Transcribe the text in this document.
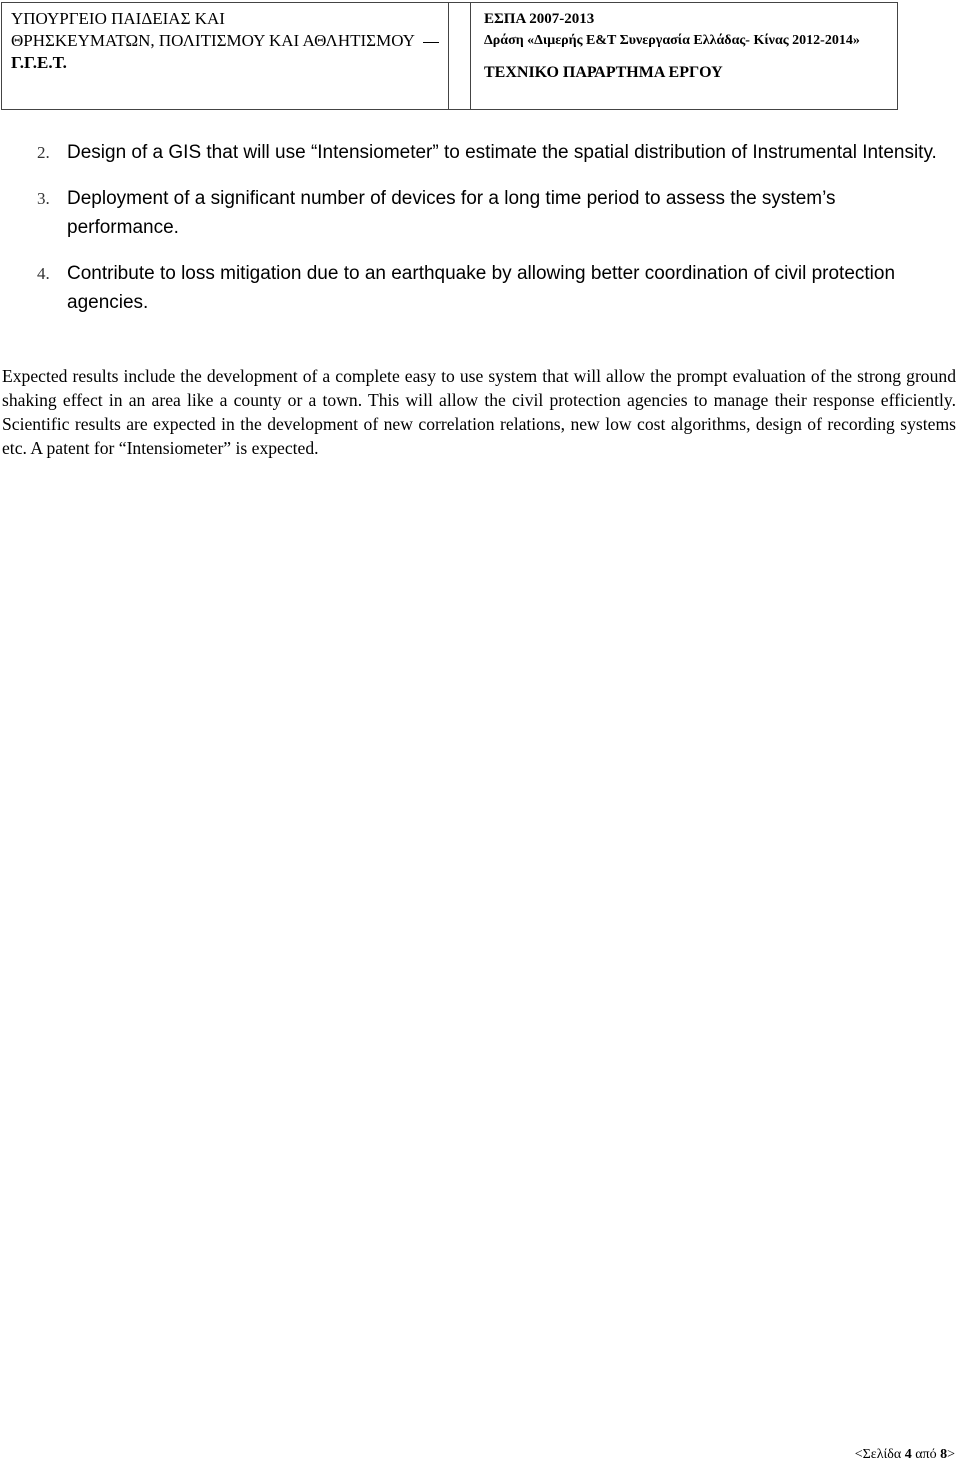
ΥΠΟΥΡΓΕΙΟ ΠΑΙΔΕΙΑΣ ΚΑΙ
ΘΡΗΣΚΕΥΜΑΤΩΝ, ΠΟΛΙΤΙΣΜΟΥ ΚΑΙ ΑΘΛΗΤΙΣΜΟΥ
Γ.Γ.Ε.Τ.
ΕΣΠΑ 2007-2013
Δράση «Διμερής Ε&Τ Συνεργασία Ελλάδας- Κίνας 2012-2014»
ΤΕΧΝΙΚΟ ΠΑΡΑΡΤΗΜΑ ΕΡΓΟΥ
2. Design of a GIS that will use “Intensiometer” to estimate the spatial distribution of Instrumental Intensity.
3. Deployment of a significant number of devices for a long time period to assess the system’s performance.
4. Contribute to loss mitigation due to an earthquake by allowing better coordination of civil protection agencies.
Expected results include the development of a complete easy to use system that will allow the prompt evaluation of the strong ground shaking effect in an area like a county or a town. This will allow the civil protection agencies to manage their response efficiently. Scientific results are expected in the development of new correlation relations, new low cost algorithms, design of recording systems etc. A patent for “Intensiometer” is expected.
<Σελίδα 4 από 8>
